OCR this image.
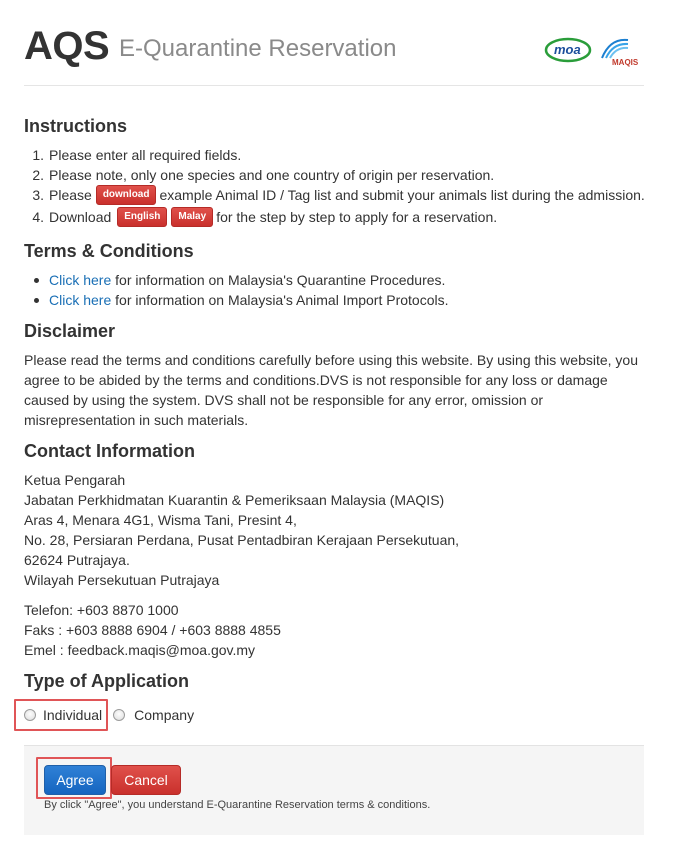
AQS E-Quarantine Reservation	moa
MAQIS
Instructions
1. Please enter all required fields.
2. Please note, only one species and one country of origin per reservation.
3. Please	download example Animal ID / Tag list and submit your animals list during the admission.
4. Download	English	Malay for the step by step to apply for a reservation.
Terms & Conditions
Click here for information on Malaysia's Quarantine Procedures.
Click here for information on Malaysia's Animal Import Protocols.
Disclaimer
Please read the terms and conditions carefully before using this website. By using this website, you
agree to be abided by the terms and conditions.DVS is not responsible for any loss or damage
caused by using the system. DVS shall not be responsible for any error, omission or
misrepresentation in such materials.
Contact Information
Ketua Pengarah
Jabatan Perkhidmatan Kuarantin & Pemeriksaan Malaysia (MAQIS)
Aras 4, Menara 4G1, Wisma Tani, Presint 4,
No. 28, Persiaran Perdana, Pusat Pentadbiran Kerajaan Persekutuan,
62624 Putrajaya.
Wilayah Persekutuan Putrajaya
Telefon: +603 8870 1000
Faks : +603 8888 6904 / +603 8888 4855
Emel : feedback.maqis@moa.gov.my
Type of Application
Individual Company
Agree	Cancel
By click "Agree", you understand E-Quarantine Reservation terms & conditions.
